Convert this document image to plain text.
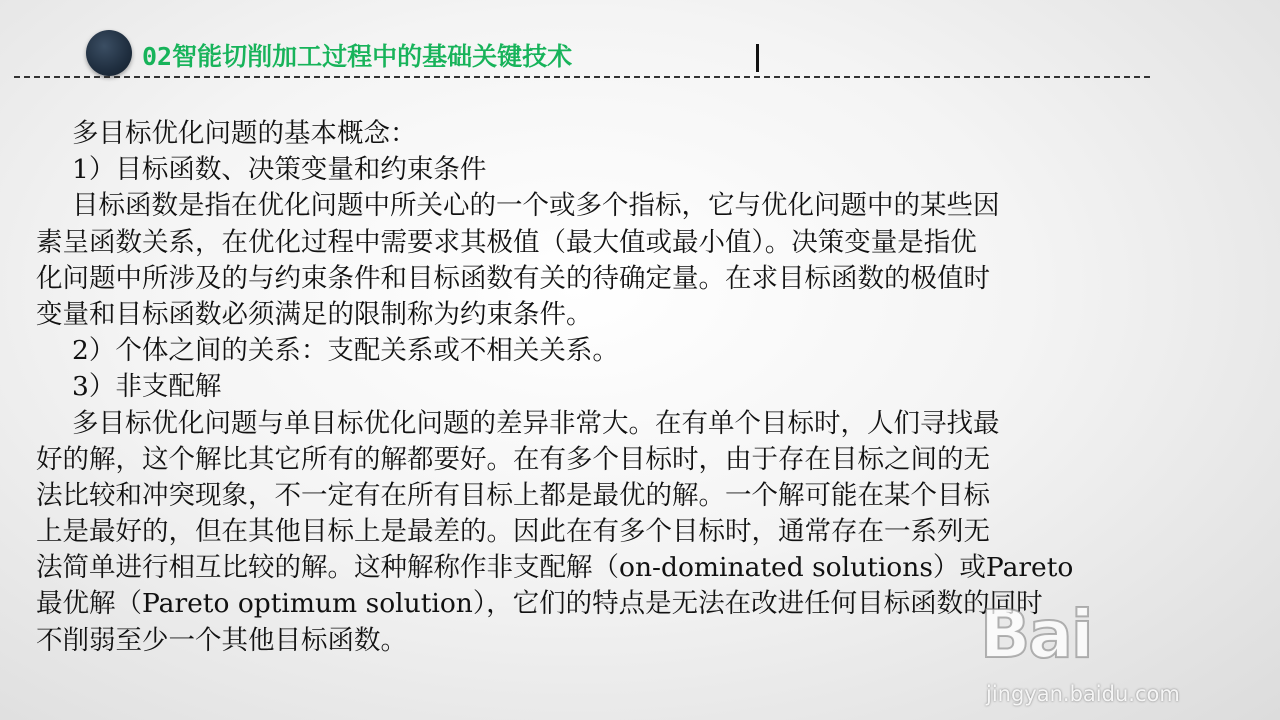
02智能切削加工过程中的基础关键技术
多目标优化问题的基本概念：
1）目标函数、决策变量和约束条件
目标函数是指在优化问题中所关心的一个或多个指标，它与优化问题中的某些因
素呈函数关系，在优化过程中需要求其极值（最大值或最小值）。决策变量是指优
化问题中所涉及的与约束条件和目标函数有关的待确定量。在求目标函数的极值时
变量和目标函数必须满足的限制称为约束条件。
2）个体之间的关系：支配关系或不相关关系。
3）非支配解
多目标优化问题与单目标优化问题的差异非常大。在有单个目标时，人们寻找最
好的解，这个解比其它所有的解都要好。在有多个目标时，由于存在目标之间的无
法比较和冲突现象，不一定有在所有目标上都是最优的解。一个解可能在某个目标
上是最好的，但在其他目标上是最差的。因此在有多个目标时，通常存在一系列无
法简单进行相互比较的解。这种解称作非支配解（on-dominated solutions）或Pareto
最优解（Pareto optimum solution），它们的特点是无法在改进任何目标函数的同时
不削弱至少一个其他目标函数。	Bai
jingyan.baidu.com
